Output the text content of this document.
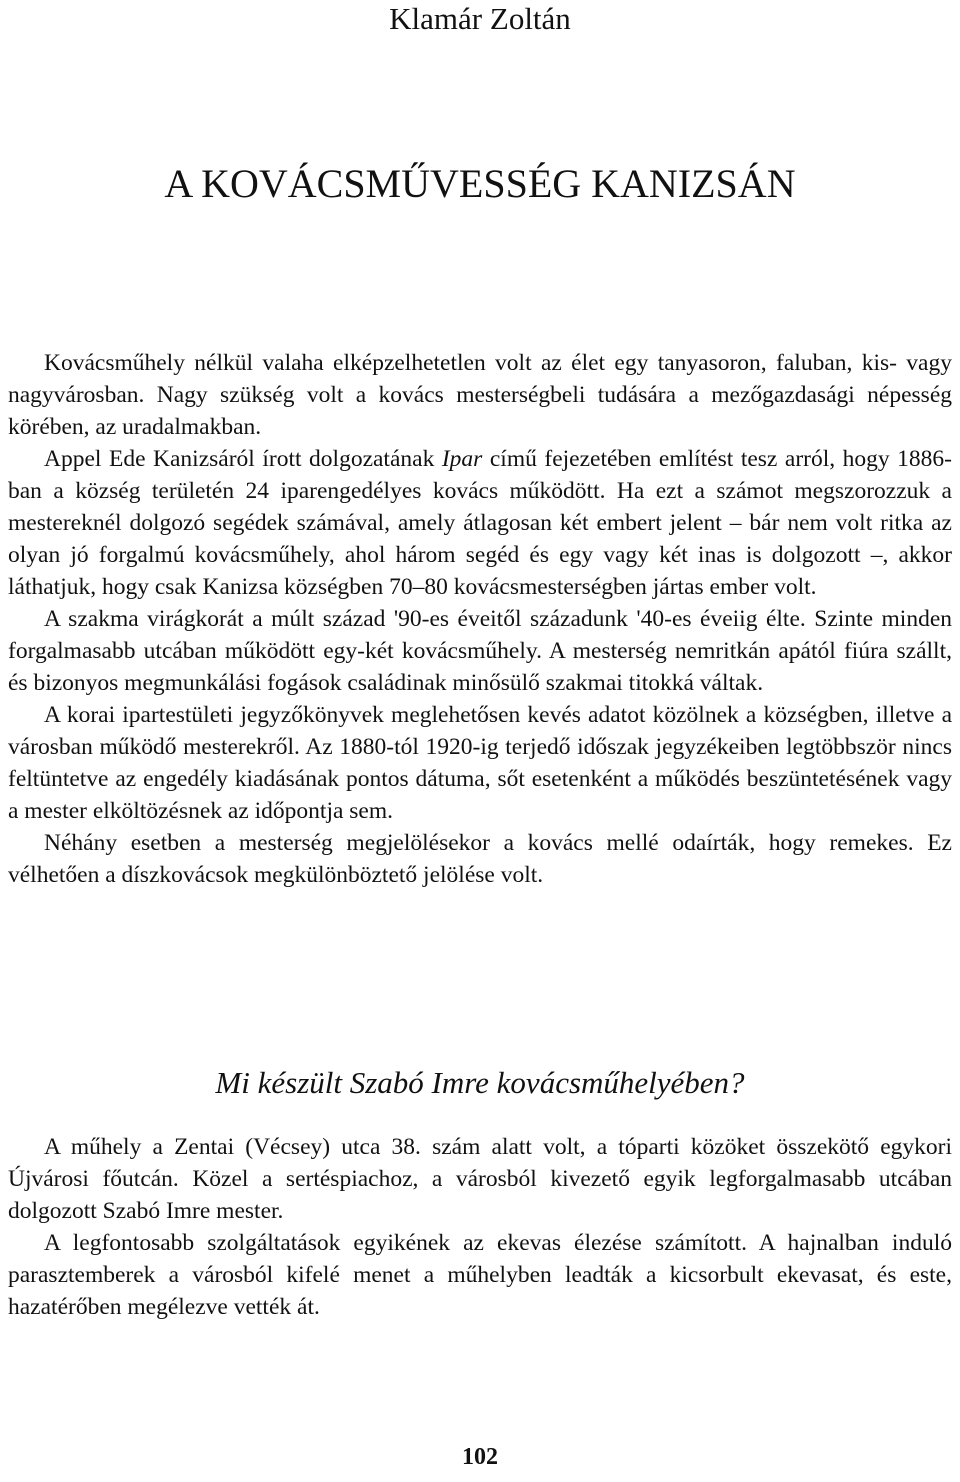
Klamár Zoltán
A KOVÁCSMŰVESSÉG KANIZSÁN

Kovácsműhely nélkül valaha elképzelhetetlen volt az élet egy tanyasoron, faluban, kis- vagy nagyvárosban. Nagy szükség volt a kovács mesterségbeli tudására a mezőgazdasági népesség körében, az uradalmakban.

Appel Ede Kanizsáról írott dolgozatának Ipar című fejezetében említést tesz arról, hogy 1886-ban a község területén 24 iparengedélyes kovács működött. Ha ezt a számot megszorozzuk a mestereknél dolgozó segédek számával, amely átlagosan két embert jelent – bár nem volt ritka az olyan jó forgalmú kovácsműhely, ahol három segéd és egy vagy két inas is dolgozott –, akkor láthatjuk, hogy csak Kanizsa községben 70–80 kovácsmesterségben jártas ember volt.

A szakma virágkorát a múlt század '90-es éveitől századunk '40-es éveiig élte. Szinte minden forgalmasabb utcában működött egy-két kovácsműhely. A mesterség nemritkán apától fiúra szállt, és bizonyos megmunkálási fogások családinak minősülő szakmai titokká váltak.

A korai ipartestületi jegyzőkönyvek meglehetősen kevés adatot közölnek a községben, illetve a városban működő mesterekről. Az 1880-tól 1920-ig terjedő időszak jegyzékeiben legtöbbször nincs feltüntetve az engedély kiadásának pontos dátuma, sőt esetenként a működés beszüntetésének vagy a mester elköltözésnek az időpontja sem.

Néhány esetben a mesterség megjelölésekor a kovács mellé odaírták, hogy remekes. Ez vélhetően a díszkovácsok megkülönböztető jelölése volt.

Mi készült Szabó Imre kovácsműhelyében?

A műhely a Zentai (Vécsey) utca 38. szám alatt volt, a tóparti közöket összekötő egykori Újvárosi főutcán. Közel a sertéspiachoz, a városból kivezető egyik legforgalmasabb utcában dolgozott Szabó Imre mester.

A legfontosabb szolgáltatások egyikének az ekevas élezése számított. A hajnalban induló parasztemberek a városból kifelé menet a műhelyben leadták a kicsorbult ekevasat, és este, hazatérőben megélezve vették át.

102
